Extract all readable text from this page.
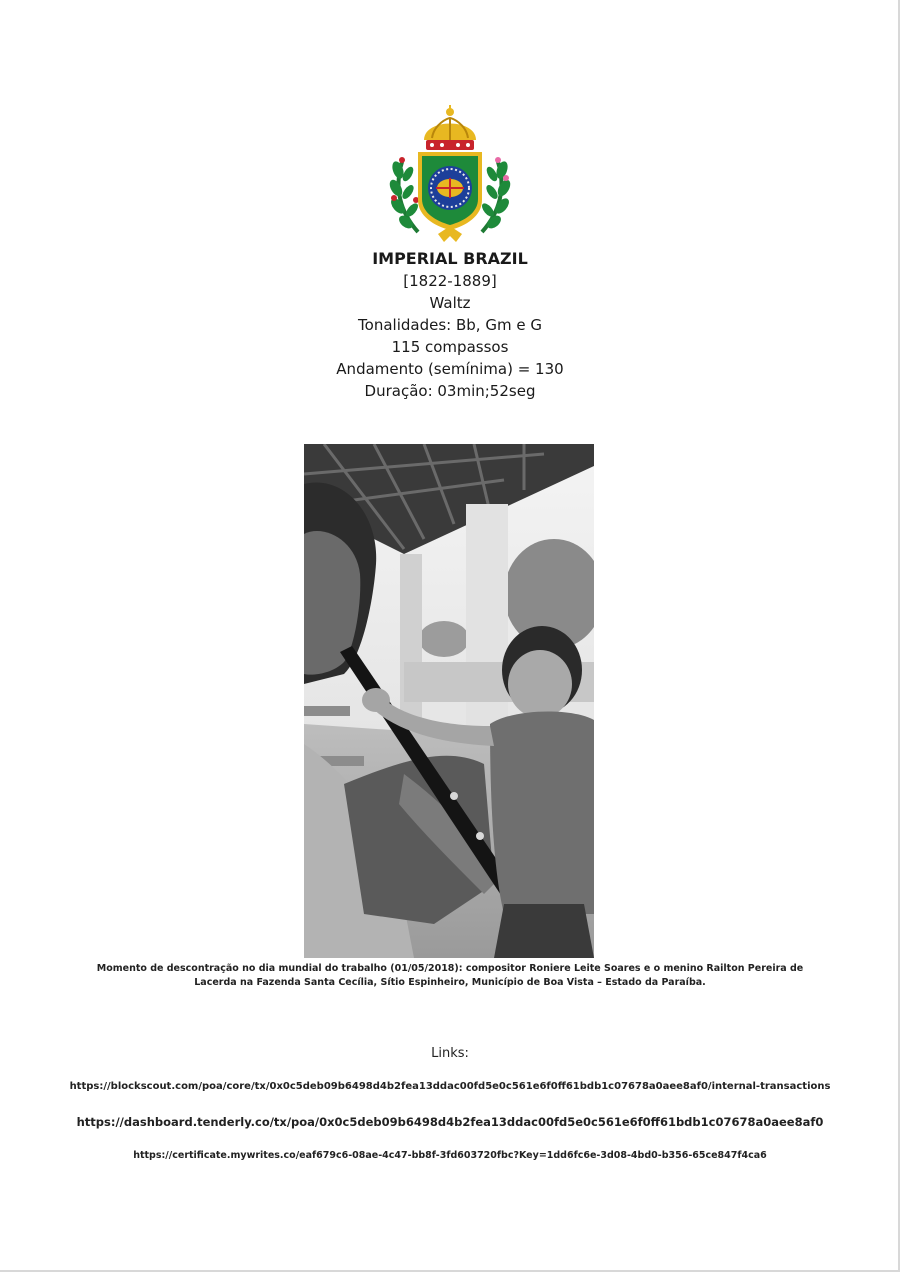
IMPERIAL BRAZIL
[1822-1889]
Waltz
Tonalidades: Bb, Gm e G
115 compassos
Andamento (semínima) = 130
Duração: 03min;52seg
Momento de descontração no dia mundial do trabalho (01/05/2018): compositor Roniere Leite Soares e o menino Railton Pereira de Lacerda na Fazenda Santa Cecília, Sítio Espinheiro, Município de Boa Vista – Estado da Paraíba.
Links:
https://blockscout.com/poa/core/tx/0x0c5deb09b6498d4b2fea13ddac00fd5e0c561e6f0ff61bdb1c07678a0aee8af0/internal-transactions
https://dashboard.tenderly.co/tx/poa/0x0c5deb09b6498d4b2fea13ddac00fd5e0c561e6f0ff61bdb1c07678a0aee8af0
https://certificate.mywrites.co/eaf679c6-08ae-4c47-bb8f-3fd603720fbc?Key=1dd6fc6e-3d08-4bd0-b356-65ce847f4ca6
